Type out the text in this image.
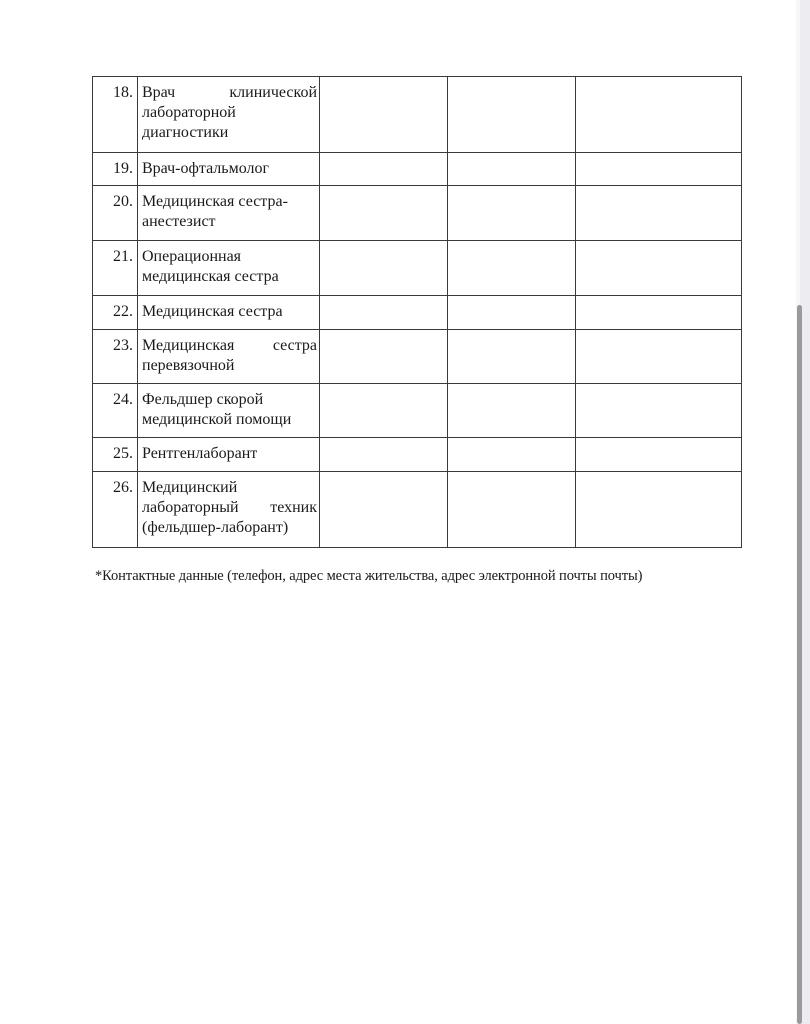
18.	Врач клинической
лабораторной диагностики			

19.	Врач-офтальмолог			

20.	Медицинская сестра-
анестезист			

21.	Операционная
медицинская сестра			

22.	Медицинская сестра			

23.	Медицинская сестра
перевязочной			

24.	Фельдшер скорой
медицинской помощи			

25.	Рентгенлаборант			

26.	Медицинский
лабораторный техник
(фельдшер-лаборант)			

*Контактные данные (телефон, адрес места жительства, адрес электронной почты почты)
